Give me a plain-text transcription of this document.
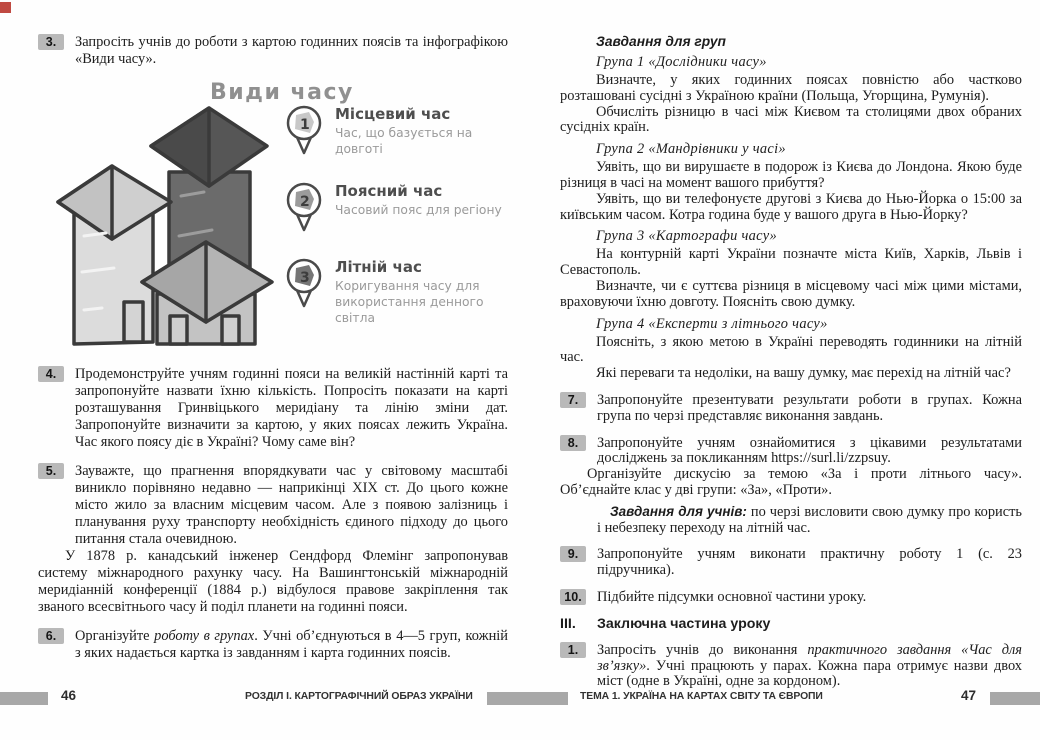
3. Запросіть учнів до роботи з картою годинних поясів та інфографікою «Види часу».

Види часу
1
Місцевий час
Час, що базується на довготі
2
Поясний час
Часовий пояс для регіону
3
Літній час
Коригування часу для використання денного світла

4. Продемонструйте учням годинні пояси на великій настінній карті та запропонуйте назвати їхню кількість. Попросіть показати на карті розташування Гринвіцького меридіану та лінію зміни дат. Запропонуйте визначити за картою, у яких поясах лежить Україна. Час якого поясу діє в Україні? Чому саме він?

5. Зауважте, що прагнення впорядкувати час у світовому масштабі виникло порівняно недавно — наприкінці XIX ст. До цього кожне місто жило за власним місцевим часом. Але з появою залізниць і планування руху транспорту необхідність єдиного підходу до цього питання стала очевидною.

У 1878 р. канадський інженер Сендфорд Флемінг запропонував систему міжнародного рахунку часу. На Вашингтонській міжнародній меридіанній конференції (1884 р.) відбулося правове закріплення так званого всесвітнього часу й поділ планети на годинні пояси.

6. Організуйте роботу в групах. Учні об’єднуються в 4—5 груп, кожній з яких надається картка із завданням і карта годинних поясів.

Завдання для груп
Група 1 «Дослідники часу»

Визначте, у яких годинних поясах повністю або частково розташовані сусідні з Україною країни (Польща, Угорщина, Румунія).

Обчисліть різницю в часі між Києвом та столицями двох обраних сусідніх країн.

Група 2 «Мандрівники у часі»

Уявіть, що ви вирушаєте в подорож із Києва до Лондона. Якою буде різниця в часі на момент вашого прибуття?

Уявіть, що ви телефонуєте другові з Києва до Нью-Йорка о 15:00 за київським часом. Котра година буде у вашого друга в Нью-Йорку?

Група 3 «Картографи часу»

На контурній карті України позначте міста Київ, Харків, Львів і Севастополь.

Визначте, чи є суттєва різниця в місцевому часі між цими містами, враховуючи їхню довготу. Поясніть свою думку.

Група 4 «Експерти з літнього часу»

Поясніть, з якою метою в Україні переводять годинники на літній час.

Які переваги та недоліки, на вашу думку, має перехід на літній час?

7. Запропонуйте презентувати результати роботи в групах. Кожна група по черзі представляє виконання завдань.

8. Запропонуйте учням ознайомитися з цікавими результатами досліджень за покликанням https://surl.li/zzpsuy.

Організуйте дискусію за темою «За і проти літнього часу». Об’єднайте клас у дві групи: «За», «Проти».

Завдання для учнів: по черзі висловити свою думку про користь і небезпеку переходу на літній час.

9. Запропонуйте учням виконати практичну роботу 1 (с. 23 підручника).

10. Підбийте підсумки основної частини уроку.

ІІІ. Заключна частина уроку

1. Запросіть учнів до виконання практичного завдання «Час для зв’язку». Учні працюють у парах. Кожна пара отримує назви двох міст (одне в Україні, одне за кордоном).

46	РОЗДІЛ І. КАРТОГРАФІЧНИЙ ОБРАЗ УКРАЇНИ	ТЕМА 1. УКРАЇНА НА КАРТАХ СВІТУ ТА ЄВРОПИ	47
